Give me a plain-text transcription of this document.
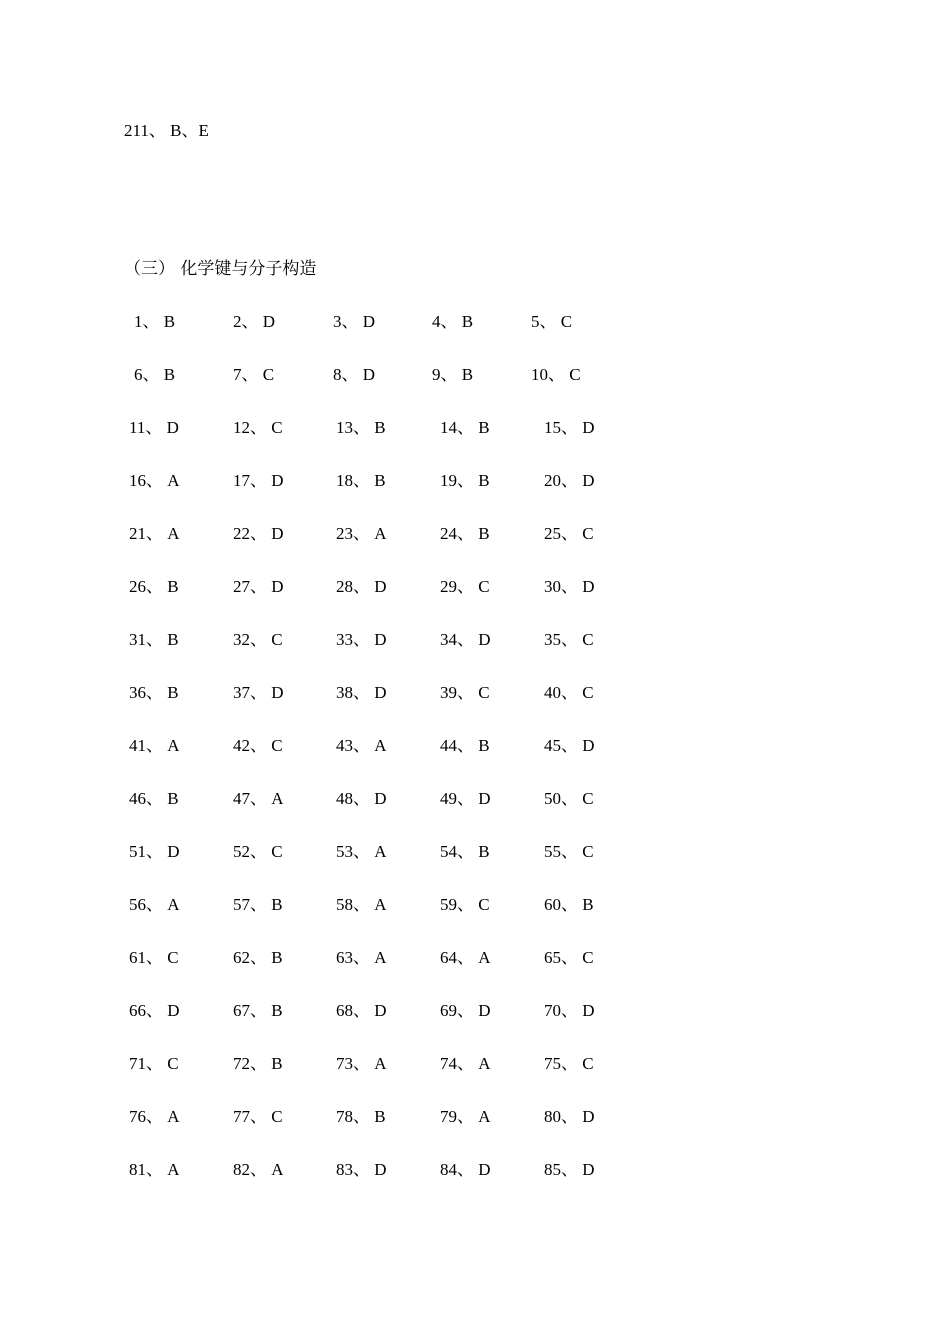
211、 B、E
（三） 化学键与分子构造
1、 B	2、 D	3、 D	4、 B	5、 C
6、 B	7、 C	8、 D	9、 B	10、 C
11、 D	12、 C	13、 B	14、 B	15、 D
16、 A	17、 D	18、 B	19、 B	20、 D
21、 A	22、 D	23、 A	24、 B	25、 C
26、 B	27、 D	28、 D	29、 C	30、 D
31、 B	32、 C	33、 D	34、 D	35、 C
36、 B	37、 D	38、 D	39、 C	40、 C
41、 A	42、 C	43、 A	44、 B	45、 D
46、 B	47、 A	48、 D	49、 D	50、 C
51、 D	52、 C	53、 A	54、 B	55、 C
56、 A	57、 B	58、 A	59、 C	60、 B
61、 C	62、 B	63、 A	64、 A	65、 C
66、 D	67、 B	68、 D	69、 D	70、 D
71、 C	72、 B	73、 A	74、 A	75、 C
76、 A	77、 C	78、 B	79、 A	80、 D
81、 A	82、 A	83、 D	84、 D	85、 D
